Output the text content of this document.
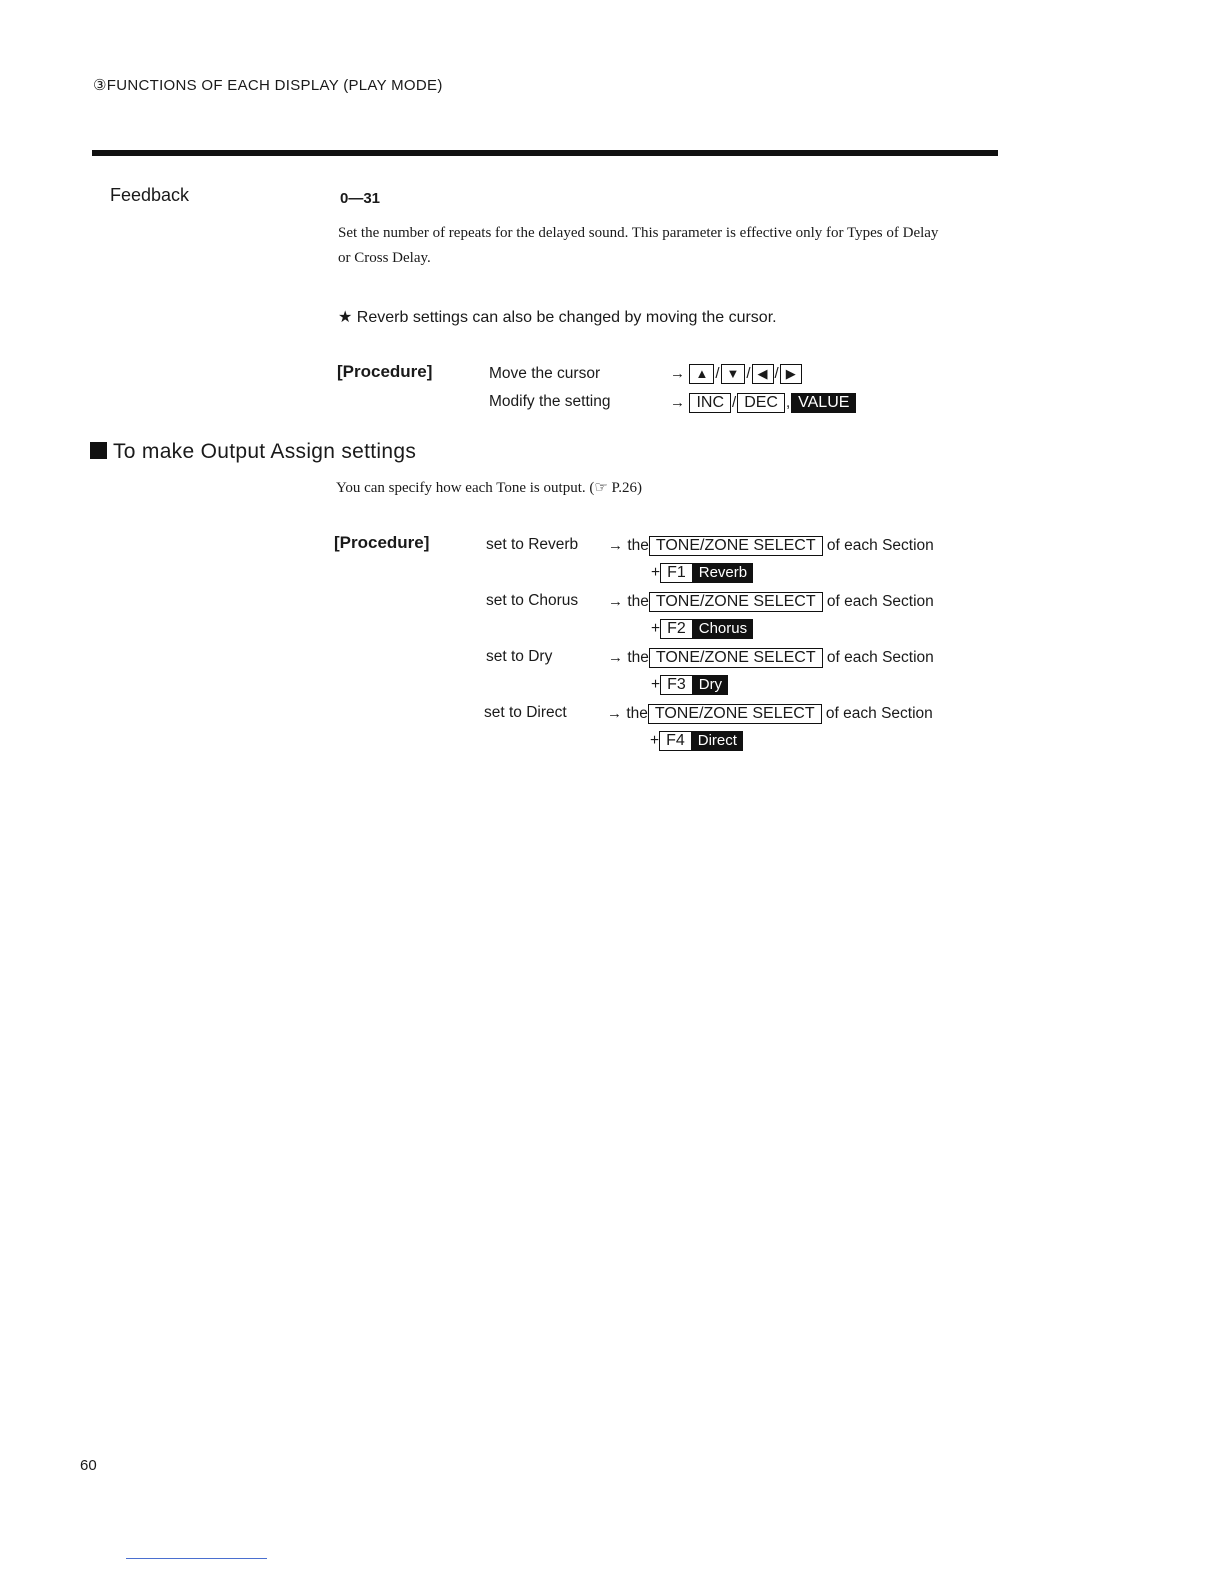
③FUNCTIONS OF EACH DISPLAY (PLAY MODE)
Feedback	0—31
Set the number of repeats for the delayed sound. This parameter is effective only for Types of Delay
or Cross Delay.
★ Reverb settings can also be changed by moving the cursor.
[Procedure]	Move the cursor	→ ▲ / ▼ / ◀ / ▶
Modify the setting	→ INC / DEC , VALUE
To make Output Assign settings
You can specify how each Tone is output. (☞ P.26)
[Procedure]	set to Reverb → the TONE/ZONE SELECT of each Section
+ F1 Reverb
set to Chorus → the TONE/ZONE SELECT of each Section
+ F2 Chorus
set to Dry	→ the TONE/ZONE SELECT of each Section
+ F3 Dry
set to Direct	→ the TONE/ZONE SELECT of each Section
+ F4 Direct
60
